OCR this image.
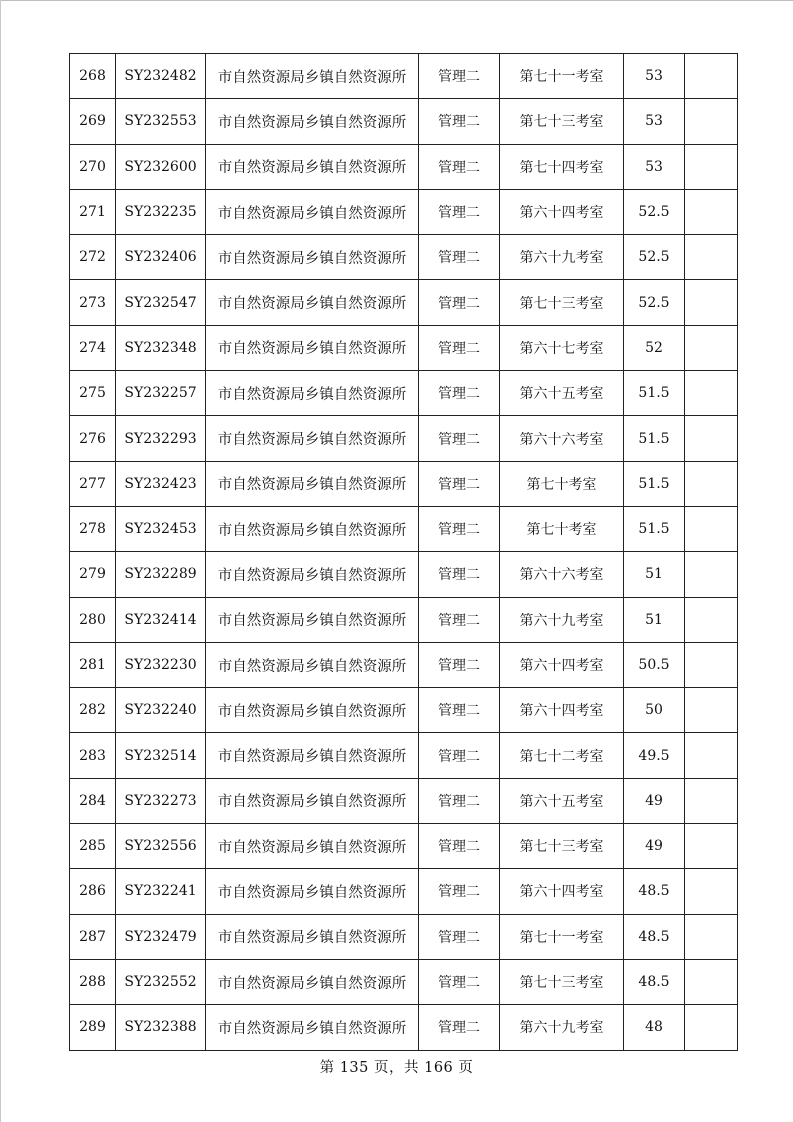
268	SY232482	市自然资源局乡镇自然资源所	管理二	第七十一考室	53	
269	SY232553	市自然资源局乡镇自然资源所	管理二	第七十三考室	53	
270	SY232600	市自然资源局乡镇自然资源所	管理二	第七十四考室	53	
271	SY232235	市自然资源局乡镇自然资源所	管理二	第六十四考室	52.5	
272	SY232406	市自然资源局乡镇自然资源所	管理二	第六十九考室	52.5	
273	SY232547	市自然资源局乡镇自然资源所	管理二	第七十三考室	52.5	
274	SY232348	市自然资源局乡镇自然资源所	管理二	第六十七考室	52	
275	SY232257	市自然资源局乡镇自然资源所	管理二	第六十五考室	51.5	
276	SY232293	市自然资源局乡镇自然资源所	管理二	第六十六考室	51.5	
277	SY232423	市自然资源局乡镇自然资源所	管理二	第七十考室	51.5	
278	SY232453	市自然资源局乡镇自然资源所	管理二	第七十考室	51.5	
279	SY232289	市自然资源局乡镇自然资源所	管理二	第六十六考室	51	
280	SY232414	市自然资源局乡镇自然资源所	管理二	第六十九考室	51	
281	SY232230	市自然资源局乡镇自然资源所	管理二	第六十四考室	50.5	
282	SY232240	市自然资源局乡镇自然资源所	管理二	第六十四考室	50	
283	SY232514	市自然资源局乡镇自然资源所	管理二	第七十二考室	49.5	
284	SY232273	市自然资源局乡镇自然资源所	管理二	第六十五考室	49	
285	SY232556	市自然资源局乡镇自然资源所	管理二	第七十三考室	49	
286	SY232241	市自然资源局乡镇自然资源所	管理二	第六十四考室	48.5	
287	SY232479	市自然资源局乡镇自然资源所	管理二	第七十一考室	48.5	
288	SY232552	市自然资源局乡镇自然资源所	管理二	第七十三考室	48.5	
289	SY232388	市自然资源局乡镇自然资源所	管理二	第六十九考室	48	
第 135 页，共 166 页
